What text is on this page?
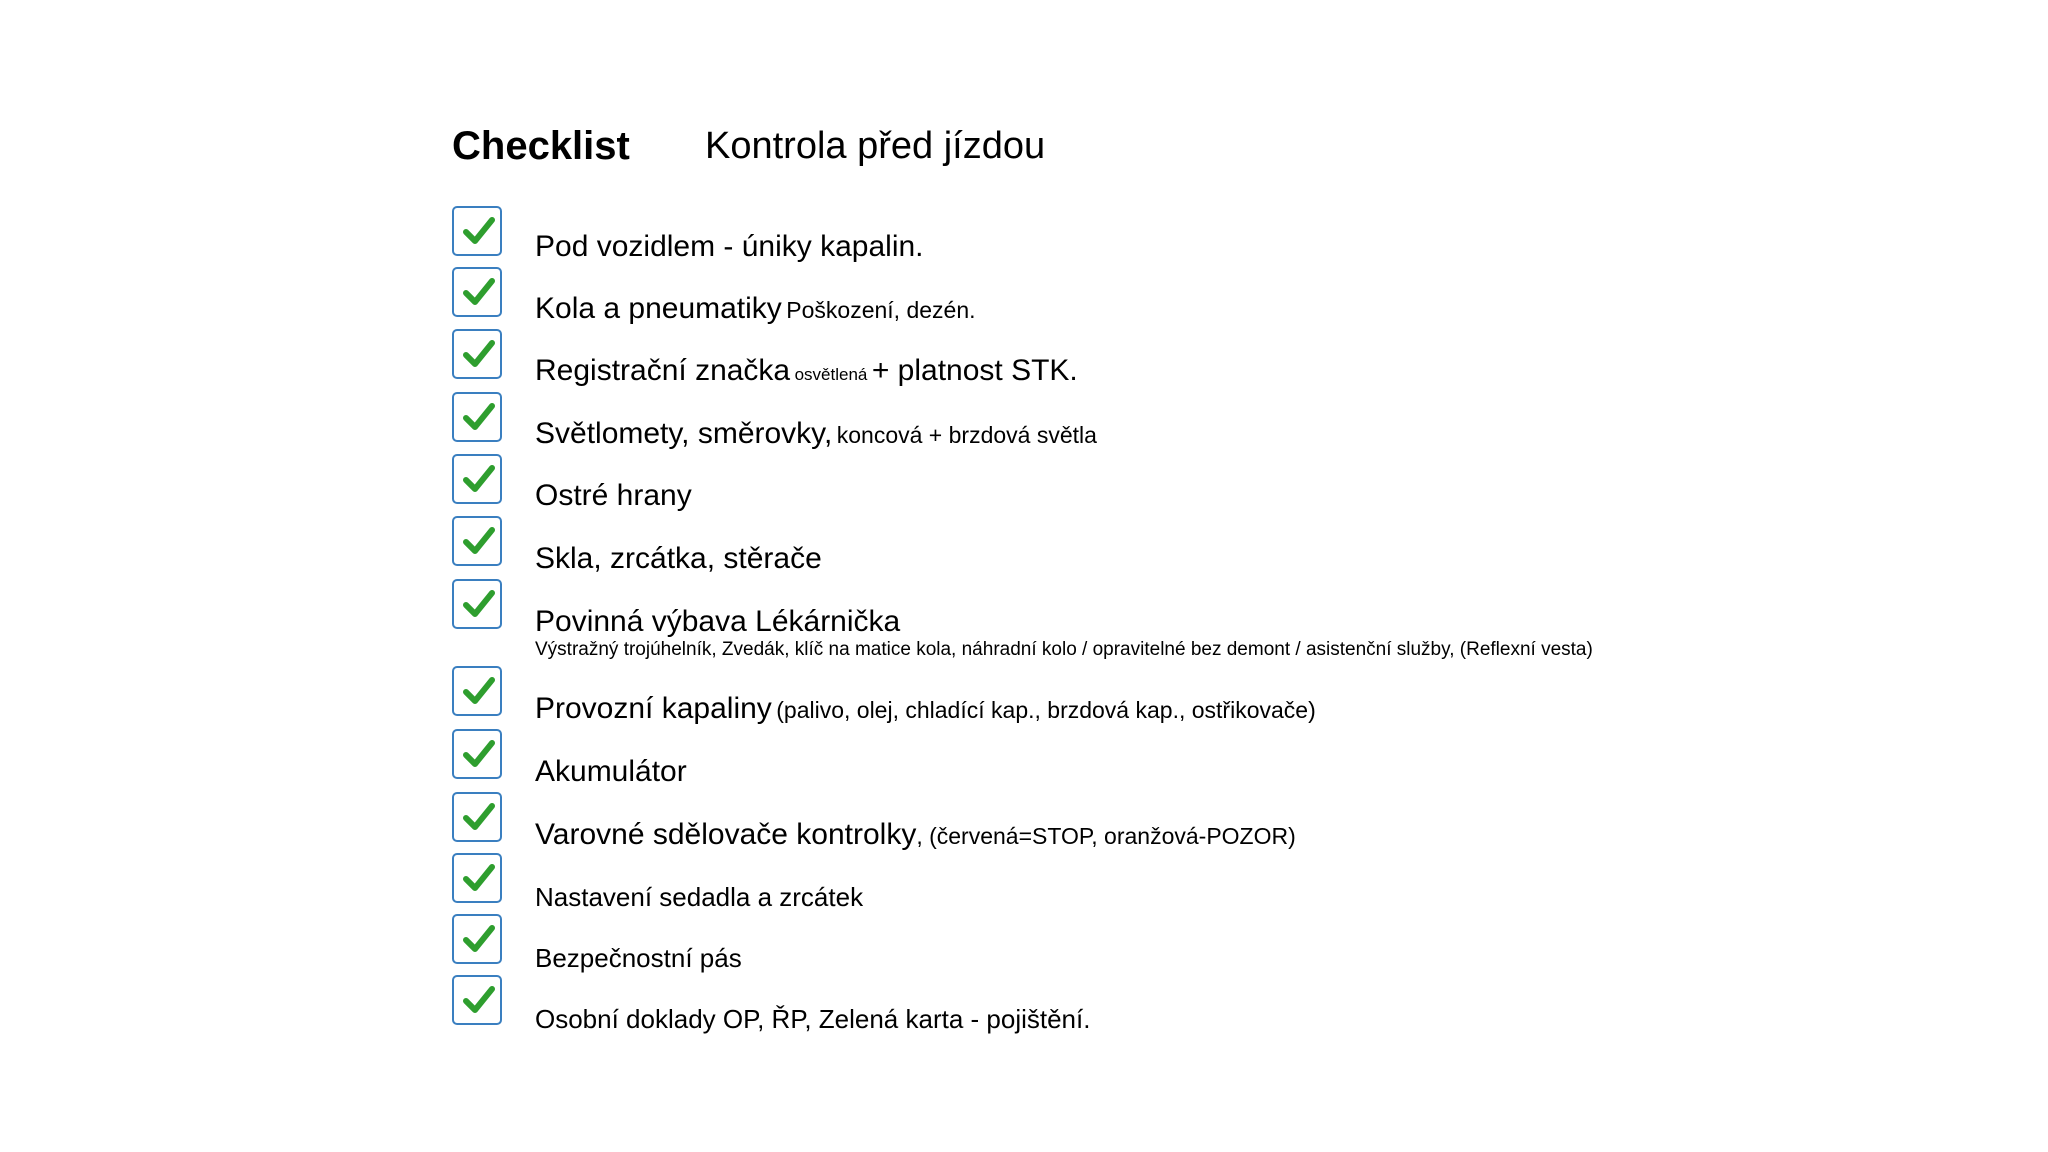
Checklist Kontrola před jízdou
Pod vozidlem - úniky kapalin.
Kola a pneumatiky Poškození, dezén.
Registrační značka osvětlená + platnost STK.
Světlomety, směrovky, koncová + brzdová světla
Ostré hrany
Skla, zrcátka, stěrače
Povinná výbava Lékárnička
Výstražný trojúhelník, Zvedák, klíč na matice kola, náhradní kolo / opravitelné bez demont / asistenční služby, (Reflexní vesta)
Provozní kapaliny (palivo, olej, chladící kap., brzdová kap., ostřikovače)
Akumulátor
Varovné sdělovače kontrolky, (červená=STOP, oranžová-POZOR)
Nastavení sedadla a zrcátek
Bezpečnostní pás
Osobní doklady OP, ŘP, Zelená karta - pojištění.
